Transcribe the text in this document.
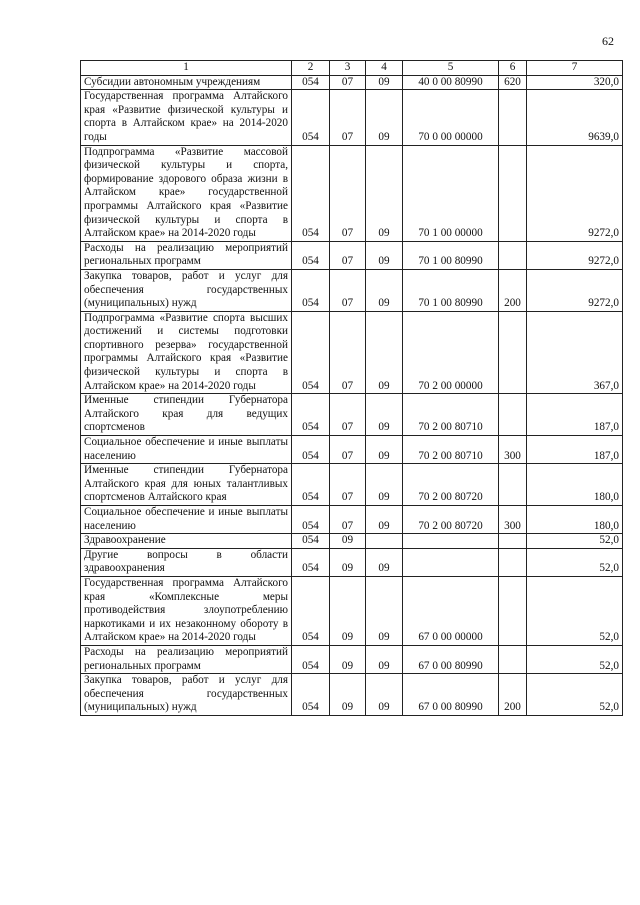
62
1	2	3	4	5	6	7
Субсидии автономным учреждениям	054	07	09	40 0 00 80990	620	320,0
Государственная программа Алтайского края «Развитие физической культуры и спорта в Алтайском крае» на 2014-2020 годы	054	07	09	70 0 00 00000		9639,0
Подпрограмма «Развитие массовой физической культуры и спорта, формирование здорового образа жизни в Алтайском крае» государственной программы Алтайского края «Развитие физической культуры и спорта в Алтайском крае» на 2014-2020 годы	054	07	09	70 1 00 00000		9272,0
Расходы на реализацию мероприятий региональных программ	054	07	09	70 1 00 80990		9272,0
Закупка товаров, работ и услуг для обеспечения государственных (муниципальных) нужд	054	07	09	70 1 00 80990	200	9272,0
Подпрограмма «Развитие спорта высших достижений и системы подготовки спортивного резерва» государственной программы Алтайского края «Развитие физической культуры и спорта в Алтайском крае» на 2014-2020 годы	054	07	09	70 2 00 00000		367,0
Именные стипендии Губернатора Алтайского края для ведущих спортсменов	054	07	09	70 2 00 80710		187,0
Социальное обеспечение и иные выплаты населению	054	07	09	70 2 00 80710	300	187,0
Именные стипендии Губернатора Алтайского края для юных талантливых спортсменов Алтайского края	054	07	09	70 2 00 80720		180,0
Социальное обеспечение и иные выплаты населению	054	07	09	70 2 00 80720	300	180,0
Здравоохранение	054	09				52,0
Другие вопросы в области здравоохранения	054	09	09			52,0
Государственная программа Алтайского края «Комплексные меры противодействия злоупотреблению наркотиками и их незаконному обороту в Алтайском крае» на 2014-2020 годы	054	09	09	67 0 00 00000		52,0
Расходы на реализацию мероприятий региональных программ	054	09	09	67 0 00 80990		52,0
Закупка товаров, работ и услуг для обеспечения государственных (муниципальных) нужд	054	09	09	67 0 00 80990	200	52,0
